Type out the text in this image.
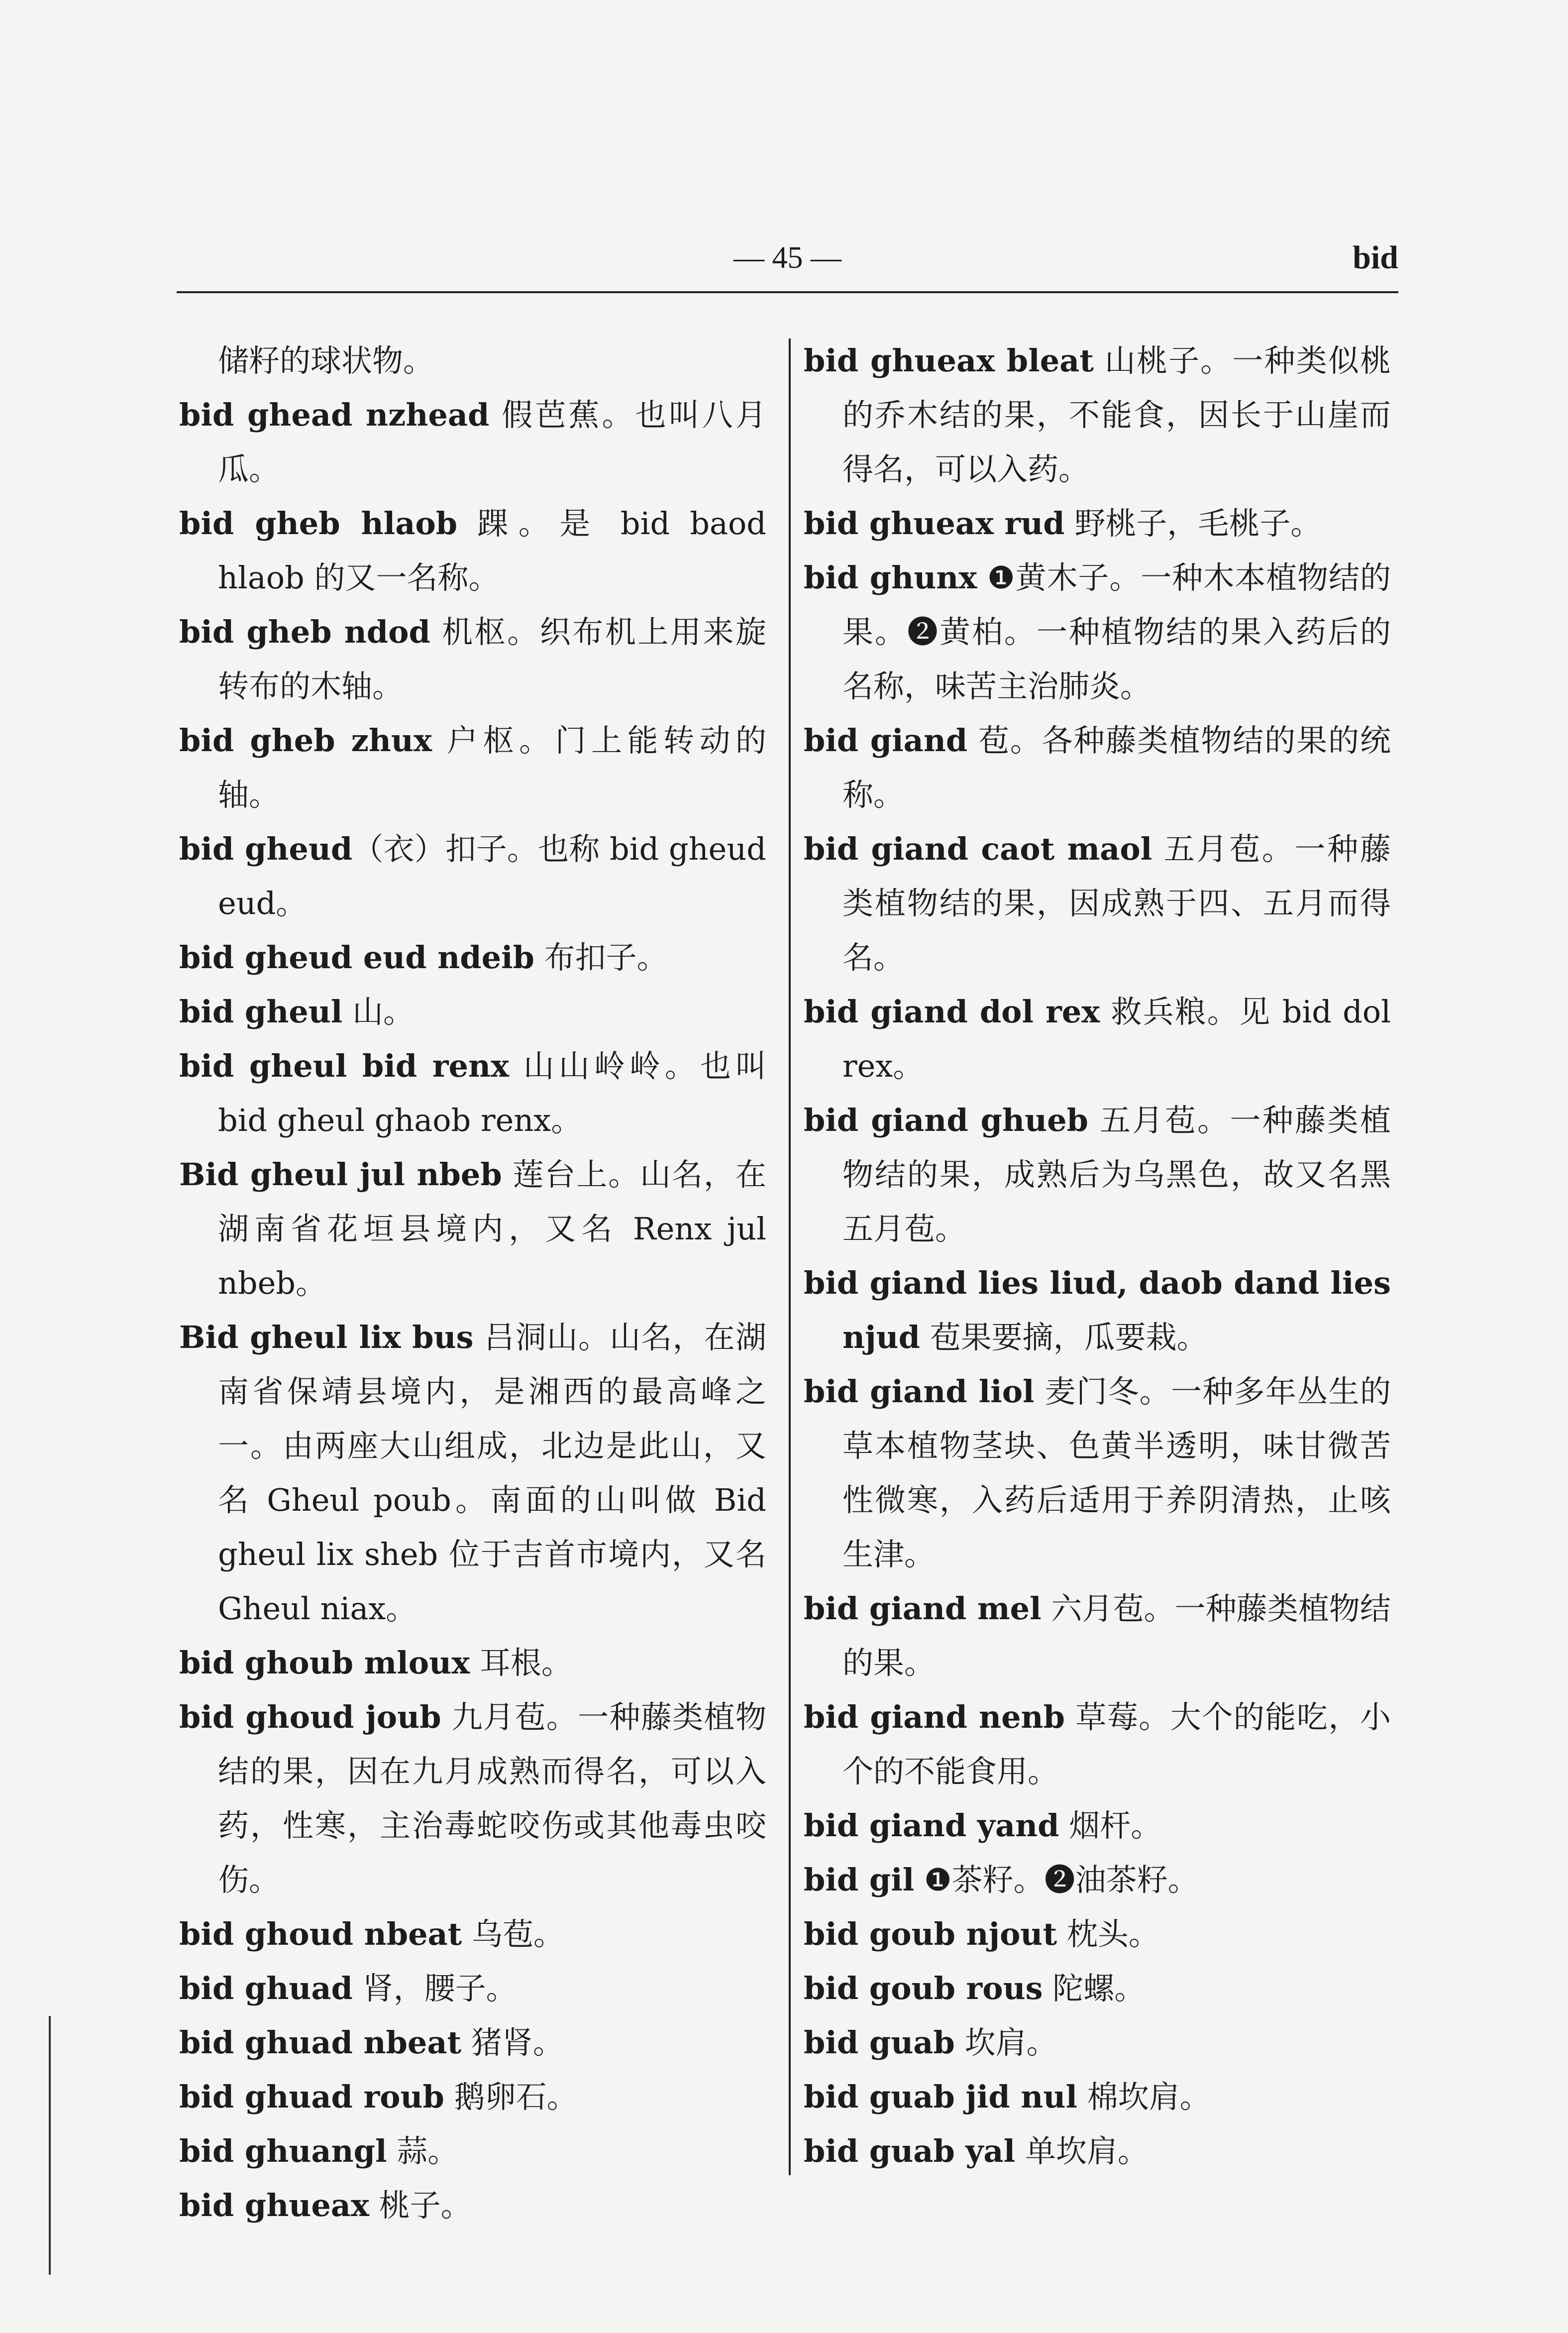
— 45 —	bid

储籽的球状物。

bid ghead nzhead 假芭蕉。也叫八月瓜。

bid gheb hlaob 踝。是 bid baod hlaob 的又一名称。

bid gheb ndod 机枢。织布机上用来旋转布的木轴。

bid gheb zhux 户枢。门上能转动的轴。

bid gheud（衣）扣子。也称 bid gheud eud。

bid gheud eud ndeib 布扣子。

bid gheul 山。

bid gheul bid renx 山山岭岭。也叫 bid gheul ghaob renx。

Bid gheul jul nbeb 莲台上。山名，在湖南省花垣县境内，又名 Renx jul nbeb。

Bid gheul lix bus 吕洞山。山名，在湖南省保靖县境内，是湘西的最高峰之一。由两座大山组成，北边是此山，又名 Gheul poub。南面的山叫做 Bid gheul lix sheb 位于吉首市境内，又名 Gheul niax。

bid ghoub mloux 耳根。

bid ghoud joub 九月苞。一种藤类植物结的果，因在九月成熟而得名，可以入药，性寒，主治毒蛇咬伤或其他毒虫咬伤。

bid ghoud nbeat 乌苞。

bid ghuad 肾，腰子。

bid ghuad nbeat 猪肾。

bid ghuad roub 鹅卵石。

bid ghuangl 蒜。

bid ghueax 桃子。

bid ghueax bleat 山桃子。一种类似桃的乔木结的果，不能食，因长于山崖而得名，可以入药。

bid ghueax rud 野桃子，毛桃子。

bid ghunx ❶黄木子。一种木本植物结的果。❷黄柏。一种植物结的果入药后的名称，味苦主治肺炎。

bid giand 苞。各种藤类植物结的果的统称。

bid giand caot maol 五月苞。一种藤类植物结的果，因成熟于四、五月而得名。

bid giand dol rex 救兵粮。见 bid dol rex。

bid giand ghueb 五月苞。一种藤类植物结的果，成熟后为乌黑色，故又名黑五月苞。

bid giand lies liud, daob dand lies njud 苞果要摘，瓜要栽。

bid giand liol 麦门冬。一种多年丛生的草本植物茎块、色黄半透明，味甘微苦性微寒，入药后适用于养阴清热，止咳生津。

bid giand mel 六月苞。一种藤类植物结的果。

bid giand nenb 草莓。大个的能吃，小个的不能食用。

bid giand yand 烟杆。

bid gil ❶茶籽。❷油茶籽。

bid goub njout 枕头。

bid goub rous 陀螺。

bid guab 坎肩。

bid guab jid nul 棉坎肩。

bid guab yal 单坎肩。
